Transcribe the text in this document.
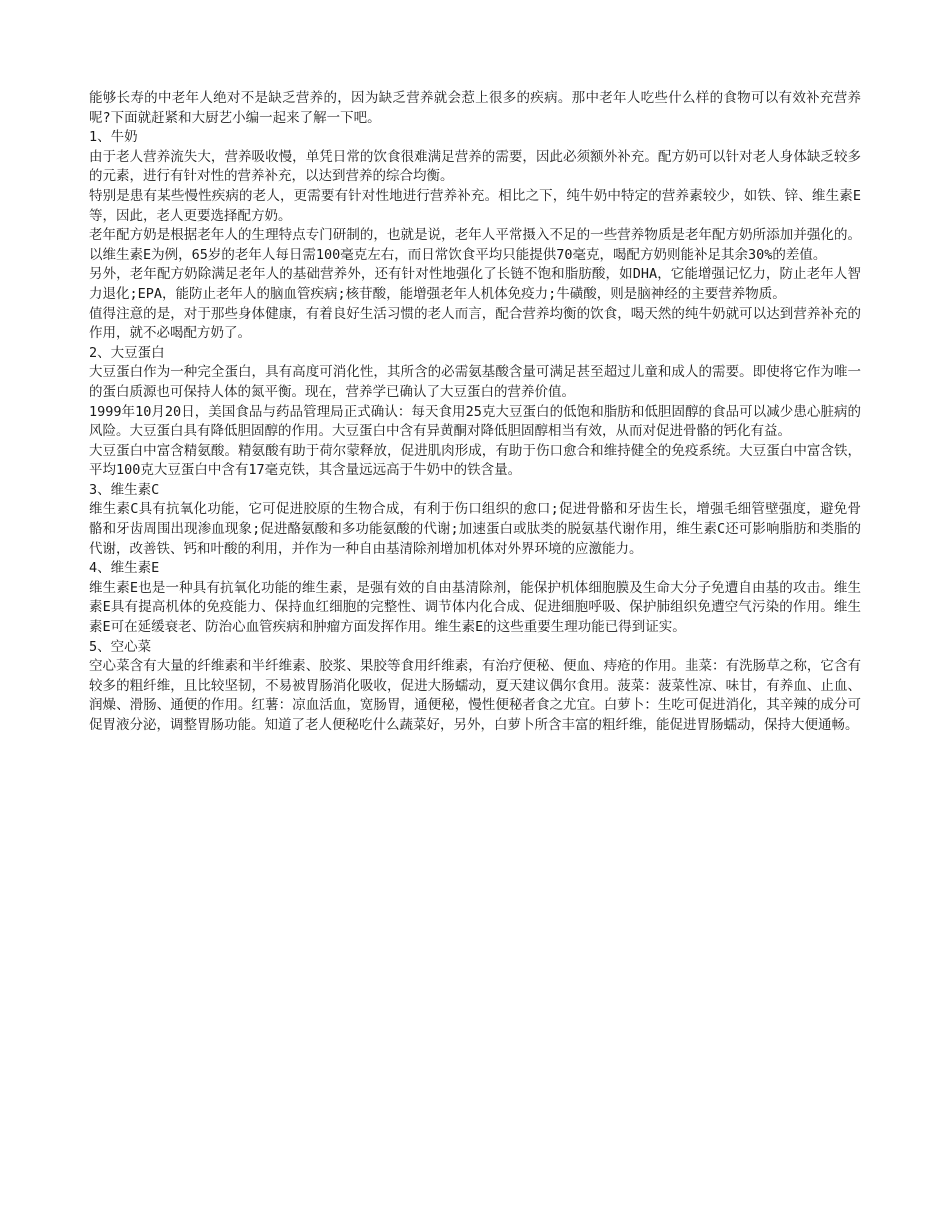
能够长寿的中老年人绝对不是缺乏营养的，因为缺乏营养就会惹上很多的疾病。那中老年人吃些什么样的食物可以有效补充营养呢?下面就赶紧和大厨艺小编一起来了解一下吧。

1、牛奶

由于老人营养流失大，营养吸收慢，单凭日常的饮食很难满足营养的需要，因此必须额外补充。配方奶可以针对老人身体缺乏较多的元素，进行有针对性的营养补充，以达到营养的综合均衡。

特别是患有某些慢性疾病的老人，更需要有针对性地进行营养补充。相比之下，纯牛奶中特定的营养素较少，如铁、锌、维生素E等，因此，老人更要选择配方奶。

老年配方奶是根据老年人的生理特点专门研制的，也就是说，老年人平常摄入不足的一些营养物质是老年配方奶所添加并强化的。以维生素E为例，65岁的老年人每日需100毫克左右，而日常饮食平均只能提供70毫克，喝配方奶则能补足其余30%的差值。

另外，老年配方奶除满足老年人的基础营养外，还有针对性地强化了长链不饱和脂肪酸，如DHA，它能增强记忆力，防止老年人智力退化;EPA，能防止老年人的脑血管疾病;核苷酸，能增强老年人机体免疫力;牛磺酸，则是脑神经的主要营养物质。

值得注意的是，对于那些身体健康，有着良好生活习惯的老人而言，配合营养均衡的饮食，喝天然的纯牛奶就可以达到营养补充的作用，就不必喝配方奶了。

2、大豆蛋白

大豆蛋白作为一种完全蛋白，具有高度可消化性，其所含的必需氨基酸含量可满足甚至超过儿童和成人的需要。即使将它作为唯一的蛋白质源也可保持人体的氮平衡。现在，营养学已确认了大豆蛋白的营养价值。

1999年10月20日，美国食品与药品管理局正式确认：每天食用25克大豆蛋白的低饱和脂肪和低胆固醇的食品可以减少患心脏病的风险。大豆蛋白具有降低胆固醇的作用。大豆蛋白中含有异黄酮对降低胆固醇相当有效，从而对促进骨骼的钙化有益。

大豆蛋白中富含精氨酸。精氨酸有助于荷尔蒙释放，促进肌肉形成，有助于伤口愈合和维持健全的免疫系统。大豆蛋白中富含铁，平均100克大豆蛋白中含有17毫克铁，其含量远远高于牛奶中的铁含量。

3、维生素C

维生素C具有抗氧化功能，它可促进胶原的生物合成，有利于伤口组织的愈口;促进骨骼和牙齿生长，增强毛细管壁强度，避免骨骼和牙齿周围出现渗血现象;促进酪氨酸和多功能氨酸的代谢;加速蛋白或肽类的脱氨基代谢作用，维生素C还可影响脂肪和类脂的代谢，改善铁、钙和叶酸的利用，并作为一种自由基清除剂增加机体对外界环境的应激能力。

4、维生素E

维生素E也是一种具有抗氧化功能的维生素，是强有效的自由基清除剂，能保护机体细胞膜及生命大分子免遭自由基的攻击。维生素E具有提高机体的免疫能力、保持血红细胞的完整性、调节体内化合成、促进细胞呼吸、保护肺组织免遭空气污染的作用。维生素E可在延缓衰老、防治心血管疾病和肿瘤方面发挥作用。维生素E的这些重要生理功能已得到证实。

5、空心菜

空心菜含有大量的纤维素和半纤维素、胶浆、果胶等食用纤维素，有治疗便秘、便血、痔疮的作用。韭菜：有洗肠草之称，它含有较多的粗纤维，且比较坚韧，不易被胃肠消化吸收，促进大肠蠕动，夏天建议偶尔食用。菠菜：菠菜性凉、味甘，有养血、止血、润燥、滑肠、通便的作用。红薯：凉血活血，宽肠胃，通便秘，慢性便秘者食之尤宜。白萝卜：生吃可促进消化，其辛辣的成分可促胃液分泌，调整胃肠功能。知道了老人便秘吃什么蔬菜好，另外，白萝卜所含丰富的粗纤维，能促进胃肠蠕动，保持大便通畅。
